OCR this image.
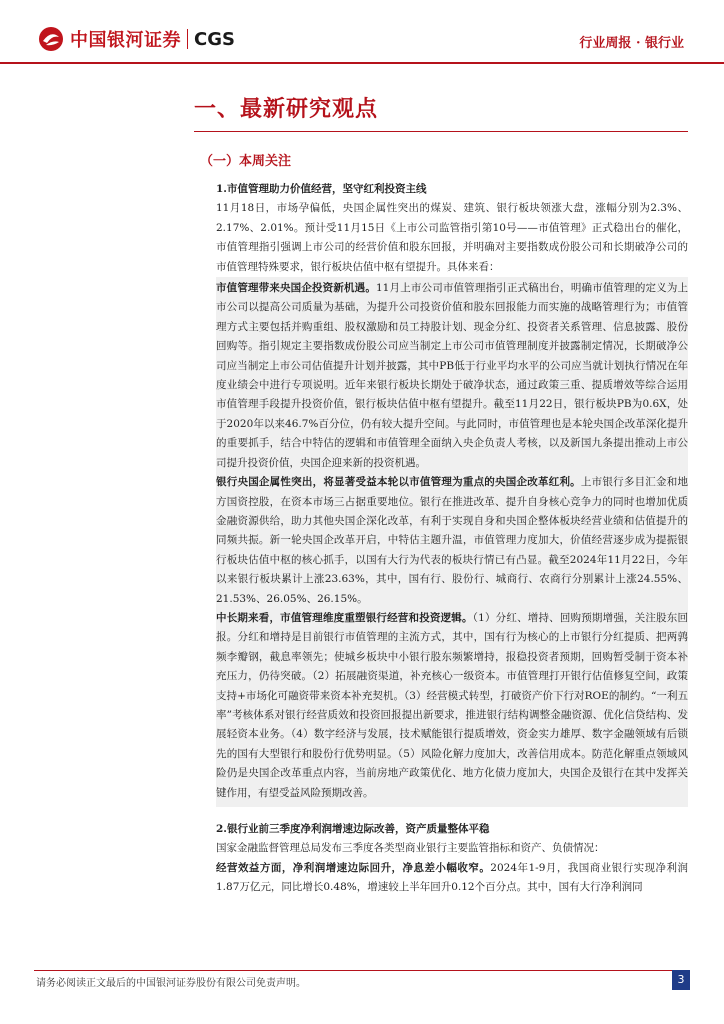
中国银河证券 CGS	行业周报 · 银行业
一、最新研究观点
（一）本周关注

1.市值管理助力价值经营，坚守红利投资主线

11月18日，市场孕偏低，央国企属性突出的煤炭、建筑、银行板块领涨大盘，涨幅分别为2.3%、2.17%、2.01%。预计受11月15日《上市公司监管指引第10号——市值管理》正式稳出台的催化，市值管理指引强调上市公司的经营价值和股东回报，并明确对主要指数成份股公司和长期破净公司的市值管理特殊要求，银行板块估值中枢有望提升。具体来看：

市值管理带来央国企投资新机遇。11月上市公司市值管理指引正式稿出台，明确市值管理的定义为上市公司以提高公司质量为基础，为提升公司投资价值和股东回报能力而实施的战略管理行为；市值管理方式主要包括并购重组、股权激励和员工持股计划、现金分红、投资者关系管理、信息披露、股份回购等。指引规定主要指数成份股公司应当制定上市公司市值管理制度并披露制定情况，长期破净公司应当制定上市公司估值提升计划并披露，其中PB低于行业平均水平的公司应当就计划执行情况在年度业绩会中进行专项说明。近年来银行板块长期处于破净状态，通过政策三重、提质增效等综合运用市值管理手段提升投资价值，银行板块估值中枢有望提升。截至11月22日，银行板块PB为0.6X，处于2020年以来46.7%百分位，仍有较大提升空间。与此同时，市值管理也是本轮央国企改革深化提升的重要抓手，结合中特估的逻辑和市值管理全面纳入央企负责人考核，以及新国九条提出推动上市公司提升投资价值，央国企迎来新的投资机遇。

银行央国企属性突出，将显著受益本轮以市值管理为重点的央国企改革红利。上市银行多目汇金和地方国资控股，在资本市场三占据重要地位。银行在推进改革、提升自身核心竞争力的同时也增加优质金融资源供给，助力其他央国企深化改革，有利于实现自身和央国企整体板块经营业绩和估值提升的同频共振。新一轮央国企改革开启，中特估主题升温，市值管理力度加大，价值经营逐步成为提振银行板块估值中枢的核心抓手，以国有大行为代表的板块行情已有凸显。截至2024年11月22日，今年以来银行板块累计上涨23.63%，其中，国有行、股份行、城商行、农商行分别累计上涨24.55%、21.53%、26.05%、26.15%。

中长期来看，市值管理维度重塑银行经营和投资逻辑。（1）分红、增持、回购预期增强，关注股东回报。分红和增持是目前银行市值管理的主流方式，其中，国有行为核心的上市银行分红提质、把两鹑频李瓣钢，截息率领先；使城乡板块中小银行股东频繁增持，报稳投资者预期，回购暂受制于资本补充压力，仍待突破。（2）拓展融资渠道，补充核心一级资本。市值管理打开银行估值修复空间，政策支持+市场化可融资带来资本补充契机。（3）经营模式转型，打破资产价下行对ROE的制约。“一利五率”考核体系对银行经营质效和投资回报提出新要求，推进银行结构调整金融资源、优化信贷结构、发展轻资本业务。（4）数字经济与发展，技术赋能银行提质增效，资金实力雄厚、数字金融领域有后锁先的国有大型银行和股份行优势明显。（5）风险化解力度加大，改善信用成本。防范化解重点领域风险仍是央国企改革重点内容，当前房地产政策优化、地方化债力度加大，央国企及银行在其中发挥关键作用，有望受益风险预期改善。

2.银行业前三季度净利润增速边际改善，资产质量整体平稳

国家金融监督管理总局发布三季度各类型商业银行主要监管指标和资产、负债情况：

经营效益方面，净利润增速边际回升，净息差小幅收窄。2024年1-9月，我国商业银行实现净利润1.87万亿元，同比增长0.48%，增速较上半年回升0.12个百分点。其中，国有大行净利润同

请务必阅读正文最后的中国银河证券股份有限公司免责声明。	3
